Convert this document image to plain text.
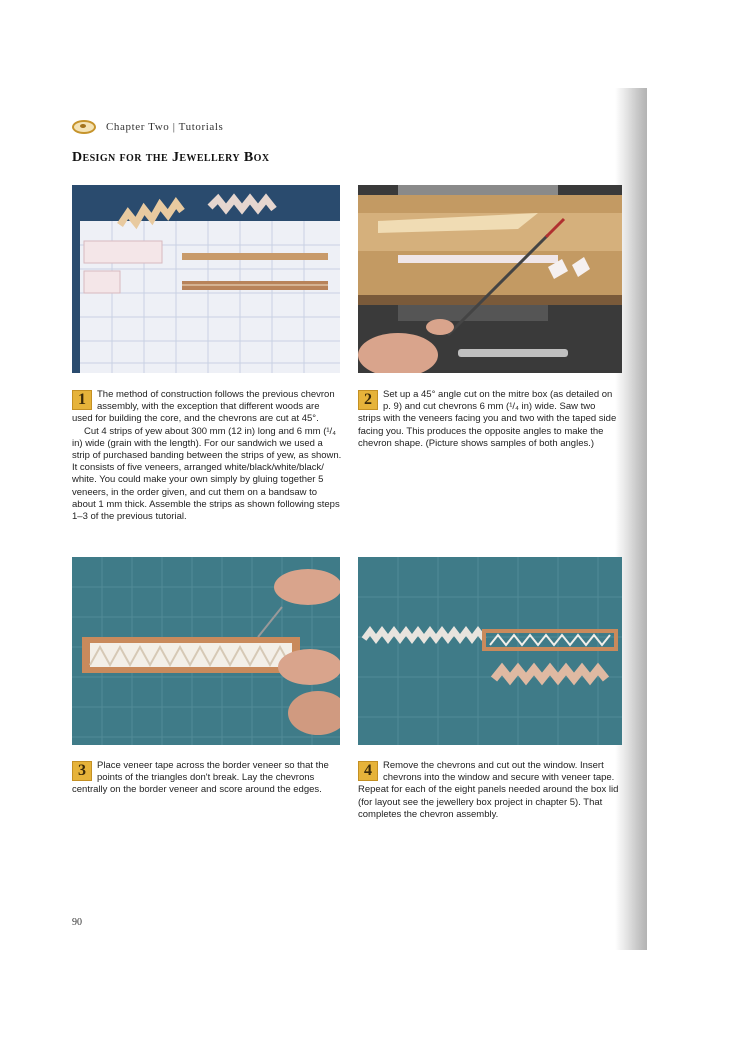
Chapter Two | Tutorials
Design for the Jewellery Box
1	The method of construction follows the previous chevron assembly, with the exception that different woods are used for building the core, and the chevrons are cut at 45°.

Cut 4 strips of yew about 300 mm (12 in) long and 6 mm (¹/₄ in) wide (grain with the length). For our sandwich we used a strip of purchased banding between the strips of yew, as shown. It consists of five veneers, arranged white/black/white/black/ white. You could make your own simply by gluing together 5 veneers, in the order given, and cut them on a bandsaw to about 1 mm thick. Assemble the strips as shown following steps 1–3 of the previous tutorial.

2	Set up a 45° angle cut on the mitre box (as detailed on p. 9) and cut chevrons 6 mm (¹/₄ in) wide. Saw two strips with the veneers facing you and two with the taped side facing you. This produces the opposite angles to make the chevron shape. (Picture shows samples of both angles.)

3	Place veneer tape across the border veneer so that the points of the triangles don't break. Lay the chevrons centrally on the border veneer and score around the edges.

4	Remove the chevrons and cut out the window. Insert chevrons into the window and secure with veneer tape. Repeat for each of the eight panels needed around the box lid (for layout see the jewellery box project in chapter 5). That completes the chevron assembly.

90
